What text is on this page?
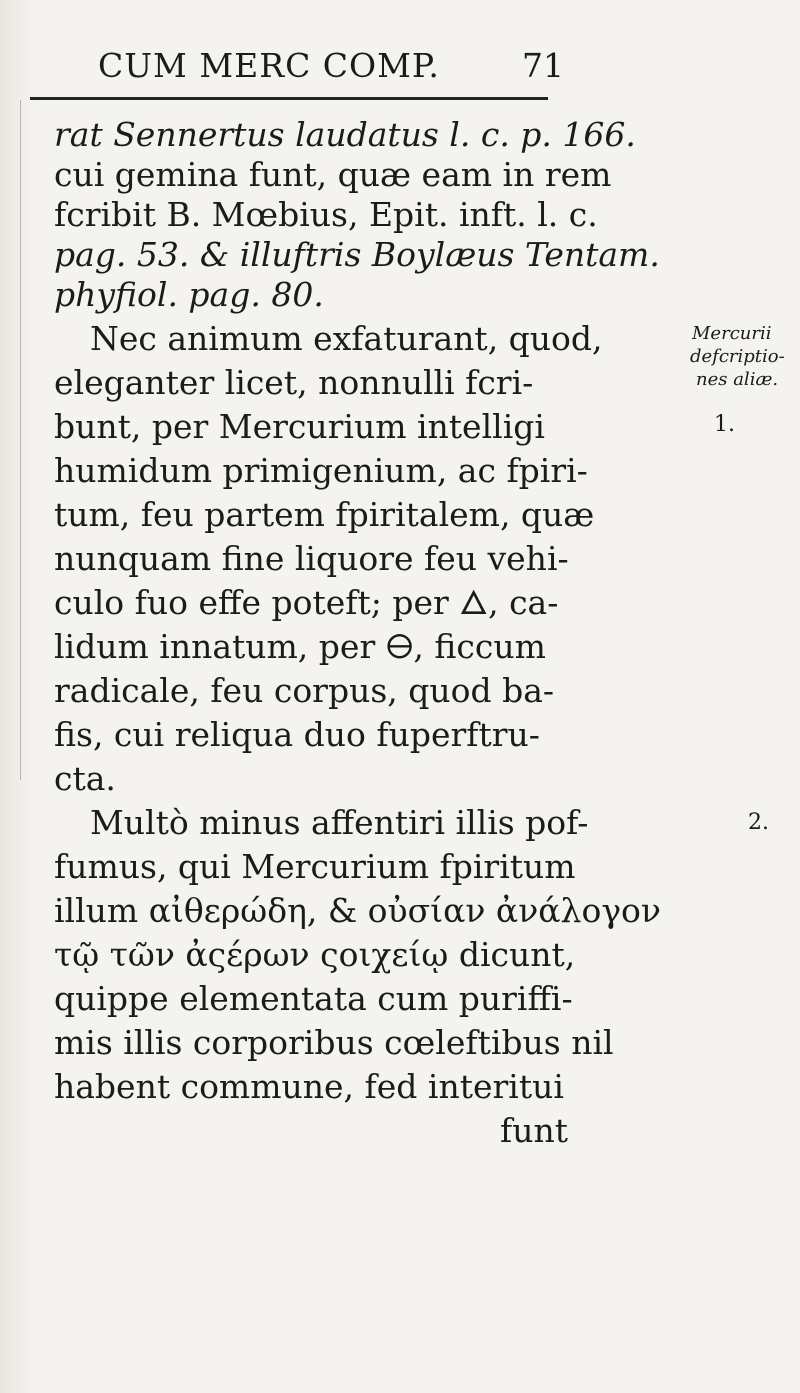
CUM MERC COMP. 71
rat Sennertus laudatus l. c. p. 166.
cui gemina funt, quæ eam in rem
fcribit B. Mœbius, Epit. inft. l. c.
pag. 53. & illuftris Boylæus Tentam.
phyfiol. pag. 80.
Nec animum exfaturant, quod,
eleganter licet, nonnulli fcri-
bunt, per Mercurium intelligi
humidum primigenium, ac fpiri-
tum, feu partem fpiritalem, quæ
nunquam fine liquore feu vehi-
culo fuo effe poteft; per 🜂, ca-
lidum innatum, per 🜔, ficcum
radicale, feu corpus, quod ba-
fis, cui reliqua duo fuperftru-
cta.
Multò minus affentiri illis pof-
fumus, qui Mercurium fpiritum
illum αἰθερώδη, & οὐσίαν ἀνάλογον
τῷ τῶν ἀςέρων ςοιχείῳ dicunt,
quippe elementata cum puriffi-
mis illis corporibus cœleftibus nil
habent commune, fed interitui
funt
Mercurii
defcriptio-
nes aliæ.
1.
2.
